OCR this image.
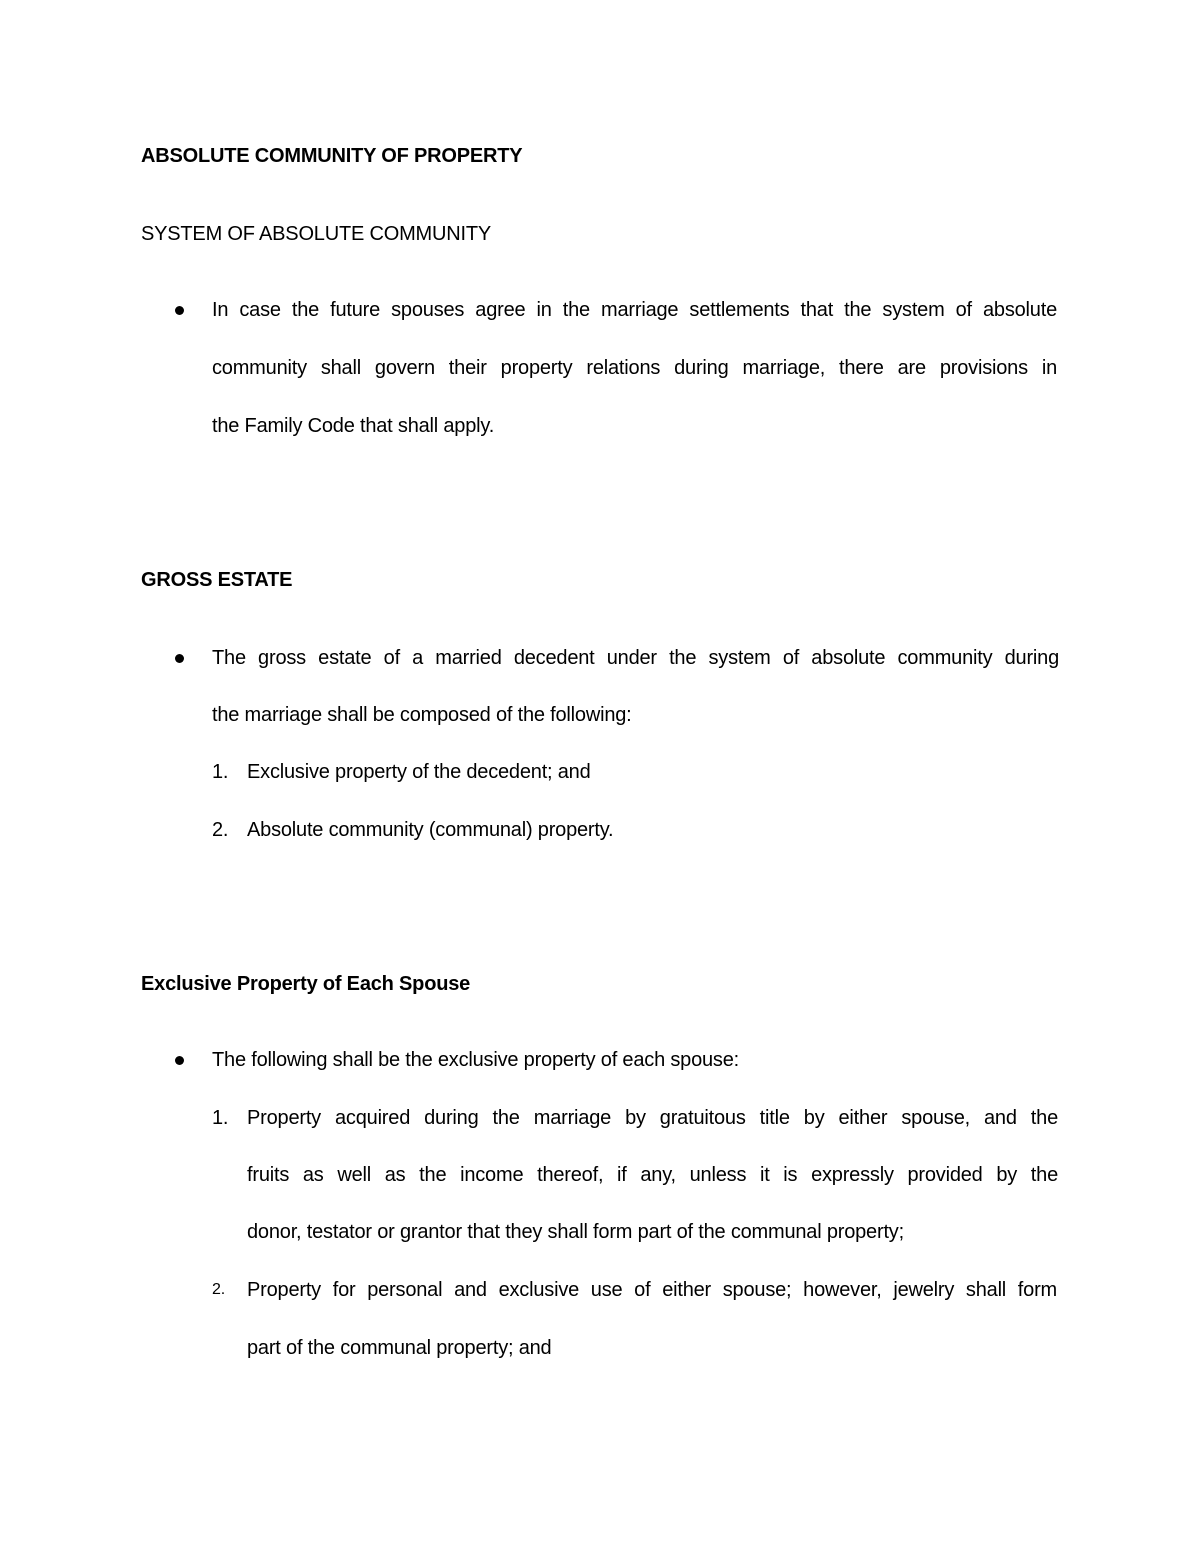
ABSOLUTE COMMUNITY OF PROPERTY
SYSTEM OF ABSOLUTE COMMUNITY
In case the future spouses agree in the marriage settlements that the system of absolute
community shall govern their property relations during marriage, there are provisions in
the Family Code that shall apply.
GROSS ESTATE
The gross estate of a married decedent under the system of absolute community during
the marriage shall be composed of the following:
1. Exclusive property of the decedent; and
2. Absolute community (communal) property.
Exclusive Property of Each Spouse
The following shall be the exclusive property of each spouse:
1. Property acquired during the marriage by gratuitous title by either spouse, and the
fruits as well as the income thereof, if any, unless it is expressly provided by the
donor, testator or grantor that they shall form part of the communal property;
2. Property for personal and exclusive use of either spouse; however, jewelry shall form
part of the communal property; and
